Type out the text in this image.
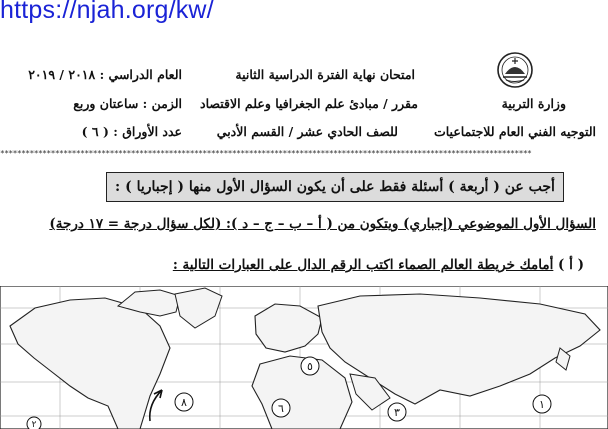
https://njah.org/kw/
وزارة التربية
التوجيه الفني العام للاجتماعيات
امتحان نهاية الفترة الدراسية الثانية
مقرر / مبادئ علم الجغرافيا وعلم الاقتصاد
للصف الحادي عشر / القسم الأدبي
العام الدراسي : ٢٠١٨ / ٢٠١٩
الزمن : ساعتان وربع
عدد الأوراق : ( ٦ )
******************************************************************************************************************************
أجب عن ( أربعة ) أسئلة فقط على أن يكون السؤال الأول منها ( إجباريا ) :
السؤال الأول الموضوعي (إجباري) ويتكون من ( أ – ب – ج – د ): (لكل سؤال درجة = ١٧ درجة)
( أ ) أمامك خريطة العالم الصماء اكتب الرقم الدال على العبارات التالية :
٨	٦
٥
٣
١
٢
